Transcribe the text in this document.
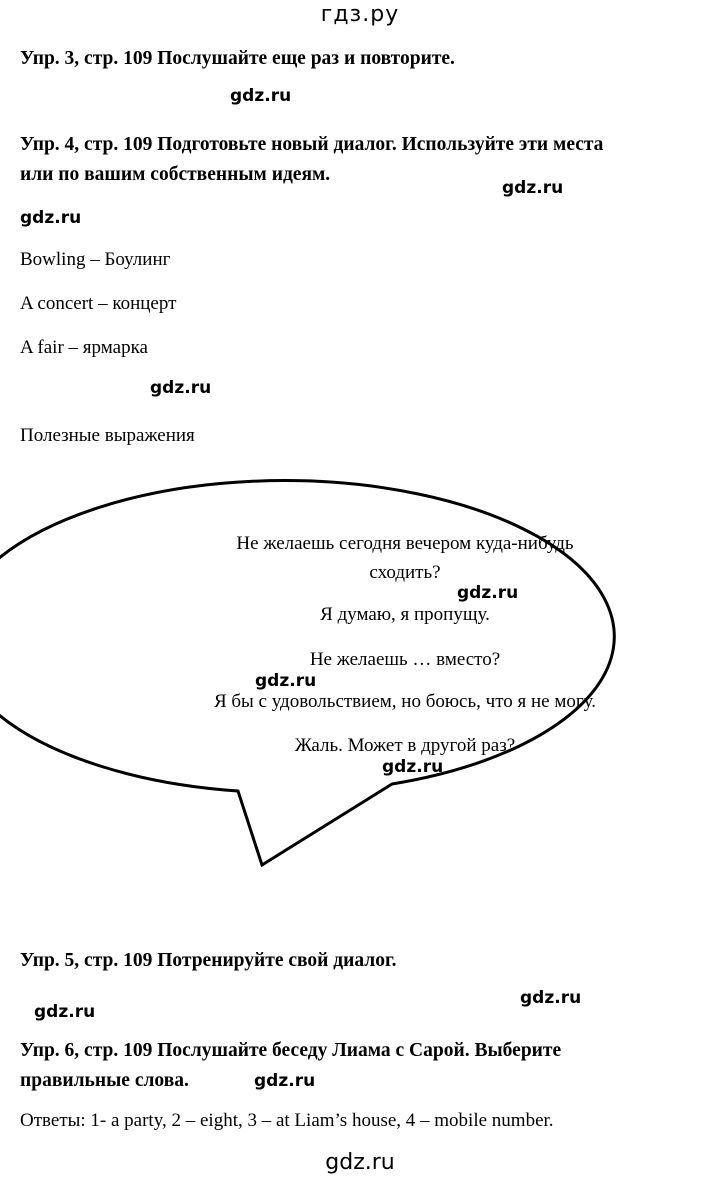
гдз.ру
Упр. 3, стр. 109 Послушайте еще раз и повторите.
gdz.ru
Упр. 4, стр. 109 Подготовьте новый диалог. Используйте эти места
или по вашим собственным идеям.
gdz.ru
gdz.ru
Bowling – Боулинг
A concert – концерт
A fair – ярмарка
gdz.ru
Полезные выражения
Не желаешь сегодня вечером куда-нибудь
сходить?
gdz.ru
Я думаю, я пропущу.
Не желаешь … вместо?
gdz.ru
Я бы с удовольствием, но боюсь, что я не могу.
Жаль. Может в другой раз?
gdz.ru
Упр. 5, стр. 109 Потренируйте свой диалог.
gdz.ru
gdz.ru
Упр. 6, стр. 109 Послушайте беседу Лиама с Сарой. Выберите
правильные слова.	gdz.ru
Ответы: 1- a party, 2 – eight, 3 – at Liam’s house, 4 – mobile number.
gdz.ru
